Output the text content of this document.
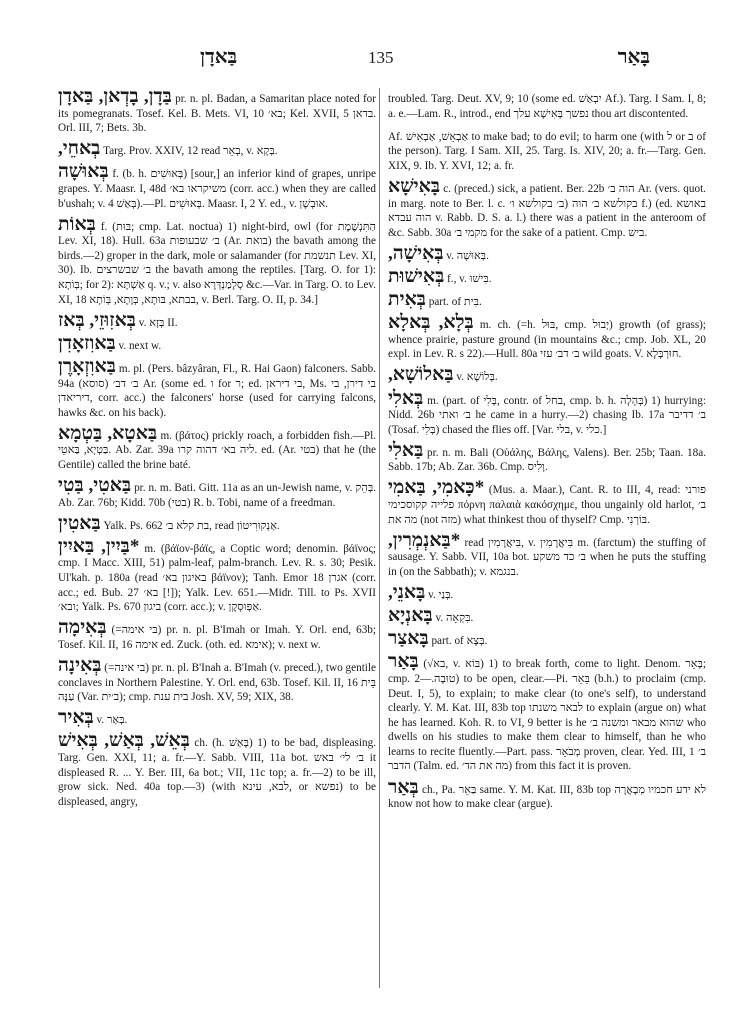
בַּאדָן	135	בָּאַר

בַּדָן, בָדְאן, בַּאדָן pr. n. pl. Badan, a Samaritan place noted for its pomegranats. Tosef. Kel. B. Mets. VI, 10 בא׳; Kel. XVII, 5 בדאן. Orl. III, 7; Bets. 3b.

בְאחֵי, Targ. Prov. XXIV, 12 read בְאֵר, v. בְּקָא.

בְּאוּשָׁה f. (b. h. בְּאוּשִׁים) [sour,] an inferior kind of grapes, unripe grapes. Y. Maasr. I, 48d משיקראו בא׳ (corr. acc.) when they are called b'ushah; v. בְּאַשׁ 4).—Pl. בְּאוּשִׁים. Maasr. I, 2 Y. ed., v. אוּבְשָׁן.

בְּאוֹת f. (בּוּת; cmp. Lat. noctua) 1) night-bird, owl (for הַתִּנְשֶׁמֶת Lev. XI, 18). Hull. 63a ב׳ שבעופות (Ar. בואת) the bavath among the birds.—2) groper in the dark, mole or salamander (for תנשמת Lev. XI, 30). Ib. ב׳ שבשרצים the bavath among the reptiles. [Targ. O. for 1): בְּוֹתָא; for 2): אַשְׁתָּא q. v.; v. also סְלָמַנְדְּרָא &c.—Var. in Targ. O. to Lev. XI, 18 בבתא, בּוּתָא, בְּוָתָא, בְּוֹתָא, v. Berl. Targ. O. II, p. 34.]

בְּאזִוּזֵי, בְּאז v. בְּזָא II.

בַּאוִזאָדִן v. next w.

בַּאוִזְאָרֶן m. pl. (Pers. bâzyâran, Fl., R. Hai Gaon) falconers. Sabb. 94a ב׳ דב׳ (סוסא) Ar. (some ed. ו for ר; ed. בי דיראן, Ms. בי דירן, בי דיריאדן, corr. acc.) the falconers' horse (used for carrying falcons, hawks &c. on his back).

בַּאטָא, בַּטְמָא m. (βάτος) prickly roach, a forbidden fish.—Pl. בַּטְיָא, בַּאטֵי. Ab. Zar. 39a ליה בא׳ דהוה קרו. ed. (Ar. בטי) that he (the Gentile) called the brine baté.

בַּאטִי, בַּטִי pr. n. m. Bati. Gitt. 11a as an un-Jewish name, v. בְּהֵק. Ab. Zar. 76b; Kidd. 70b (בטי) R. b. Tobi, name of a freedman.

בַּאטִין Yalk. Ps. 662 בת קלא ב׳, read אַנְקוּרִיטוֹן.

*בַּיִין, בַּאיִין m. (βάϊον-βάϊς, a Coptic word; denomin. βάϊνος; cmp. I Macc. XIII, 51) palm-leaf, palm-branch. Lev. R. s. 30; Pesik. Ul'kah. p. 180a (read באיגון בא׳ βάϊνον); Tanh. Emor 18 אגרן (corr. acc.; ed. Bub. 27 בא׳ [!]); Yalk. Lev. 651.—Midr. Till. to Ps. XVII ובא׳; Yalk. Ps. 670 ביגון (corr. acc.); v. אַפְּוּסְקֶן.

בְּאִימָה (=בי אימה) pr. n. pl. B'Imah or Imah. Y. Orl. end, 63b; Tosef. Kil. II, 16 אימה ed. Zuck. (oth. ed. אימא); v. next w.

בְּאִינָה (=בי אינה) pr. n. pl. B'Inah a. B'Imah (v. preced.), two gentile conclaves in Northern Palestine. Y. Orl. end, 63b. Tosef. Kil. II, 16 בֵּית עַנָּה (Var. ב׳ית); cmp. בית ענת Josh. XV, 59; XIX, 38.

בְּאִיר v. בְּאַר.

בְּאֵשׁ, בְּאַשׁ, בְּאִישׁ ch. (h. בָּאַשׁ) 1) to be bad, displeasing. Targ. Gen. XXI, 11; a. fr.—Y. Sabb. VIII, 11a bot. ב׳ לי׳ באש it displeased R. ... Y. Ber. III, 6a bot.; VII, 11c top; a. fr.—2) to be ill, grow sick. Ned. 40a top.—3) (with לבא, עינא, or נפשא) to be displeased, angry,

troubled. Targ. Deut. XV, 9; 10 (some ed. יִבְאַשׁ Af.). Targ. I Sam. I, 8; a. e.—Lam. R., introd., end נפשך בְּאִישָׁא עלך thou art discontented.

Af. אַבְאֵשׁ, אַבְאִישׁ to make bad; to do evil; to harm one (with ל or ב of the person). Targ. I Sam. XII, 25. Targ. Is. XIV, 20; a. fr.—Targ. Gen. XIX, 9. Ib. Y. XVI, 12; a. fr.

בָּאִישָׁא c. (preced.) sick, a patient. Ber. 22b הוה ב׳ Ar. (vers. quot. in marg. note to Ber. l. c. ב׳ בקולשא ו׳) בקולשא ב׳ הוה f.) (ed. באושא הוה עבדא v. Rabb. D. S. a. l.) there was a patient in the anteroom of &c. Sabb. 30a מקמי ב׳ for the sake of a patient. Cmp. ביש.

בְּאִישָׁה, v. בְּאוּשָׁה.

בְּאִישׁוּת f., v. בִּישׁוּ.

בְּאִית part. of בִּית.

בְּלָא, בְּאלָא m. ch. (=h. בּוּל, cmp. יְבוּל) growth (of grass); whence prairie, pasture ground (in mountains &c.; cmp. Job. XL, 20 expl. in Lev. R. s 22).—Hull. 80a ב׳ דב׳ עזי wild goats. V. חוּרְבָּלָא.

בַּאלוֹשָׁא, v. בְּלוֹשָׁא.

בְּאלִי m. (part. of בְּלִי, contr. of בחל, cmp. b. h. בְּהָלָה) 1) hurrying: Nidd. 26b ב׳ ואתי he came in a hurry.—2) chasing Ib. 17a ב׳ דדיבר (Tosaf. בְּלִי) chased the flies off. [Var. בלי, v. כלי.]

בַּאלִי pr. n. m. Bali (Οὐάλης, Βάλης, Valens). Ber. 25b; Taan. 18a. Sabb. 17b; Ab. Zar. 36b. Cmp. וָלִיס.

*כָּאמִי, בַּאמִי (Mus. a. Maar.), Cant. R. to III, 4, read: פורני פלייה קקוסכימי πόρνη παλαιὰ κακόσχημε, thou ungainly old harlot, ב׳ מה את (not מזה) what thinkest thou of thyself? Cmp. בּוֹרְנִי.

*בַּאנְמְרִין, read בִּיאֲרָמִין, v. בִּיאֲרָמִין m. (farctum) the stuffing of sausage. Y. Sabb. VII, 10a bot. ב׳ כד משקע when he puts the stuffing in (on the Sabbath); v. בנגמא.

בָּאנֵי, v. בְּנַי.

בָּאנְיָא v. בִּקְאָה.

בָּאצַר part. of בְּצָא.

בָּאַר (√בא, v. בּוֹא) 1) to break forth, come to light. Denom. בָּאֵר; cmp. טוּבָה.—2) to be open, clear.—Pi. בֵּאֵר (b.h.) to proclaim (cmp. Deut. I, 5), to explain; to make clear (to one's self), to understand clearly. Y. M. Kat. III, 83b top לבאר משנתו to explain (argue on) what he has learned. Koh. R. to VI, 9 better is he שהוא מבאר ומשנה ב׳ who dwells on his studies to make them clear to himself, than he who learns to recite fluently.—Part. pass. מְבֹאָר proven, clear. Yed. III, 1 ב׳ הדבר (Talm. ed. מה את הד׳) from this fact it is proven.

בְּאַר ch., Pa. בַּאֵר same. Y. M. Kat. III, 83b top לא ידע חכמיו מְבָאֲרָה know not how to make clear (argue).
